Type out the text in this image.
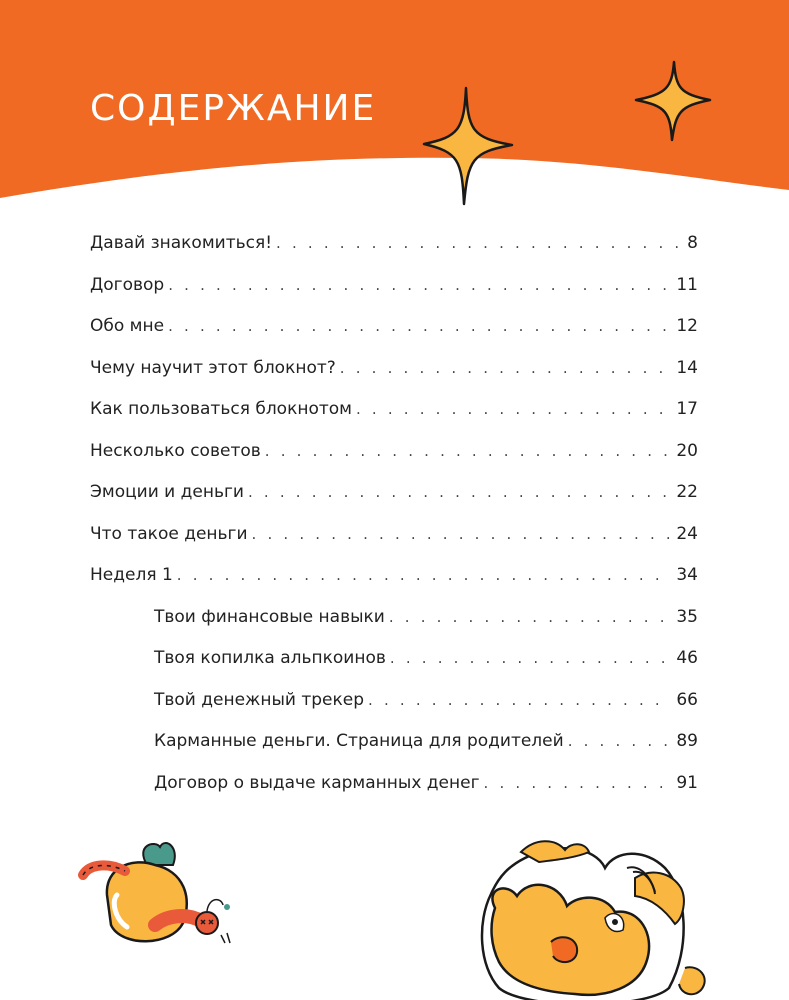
СОДЕРЖАНИЕ
Давай знакомиться! . . .	8
Договор . . .	11
Обо мне . . .	12
Чему научит этот блокнот? . . .	14
Как пользоваться блокнотом . . .	17
Несколько советов . . .	20
Эмоции и деньги . . .	22
Что такое деньги . . .	24
Неделя 1 . . .	34
Твои финансовые навыки . . .	35
Твоя копилка альпкоинов . . .	46
Твой денежный трекер . . .	66
Карманные деньги. Страница для родителей . . .	89
Договор о выдаче карманных денег . . .	91
